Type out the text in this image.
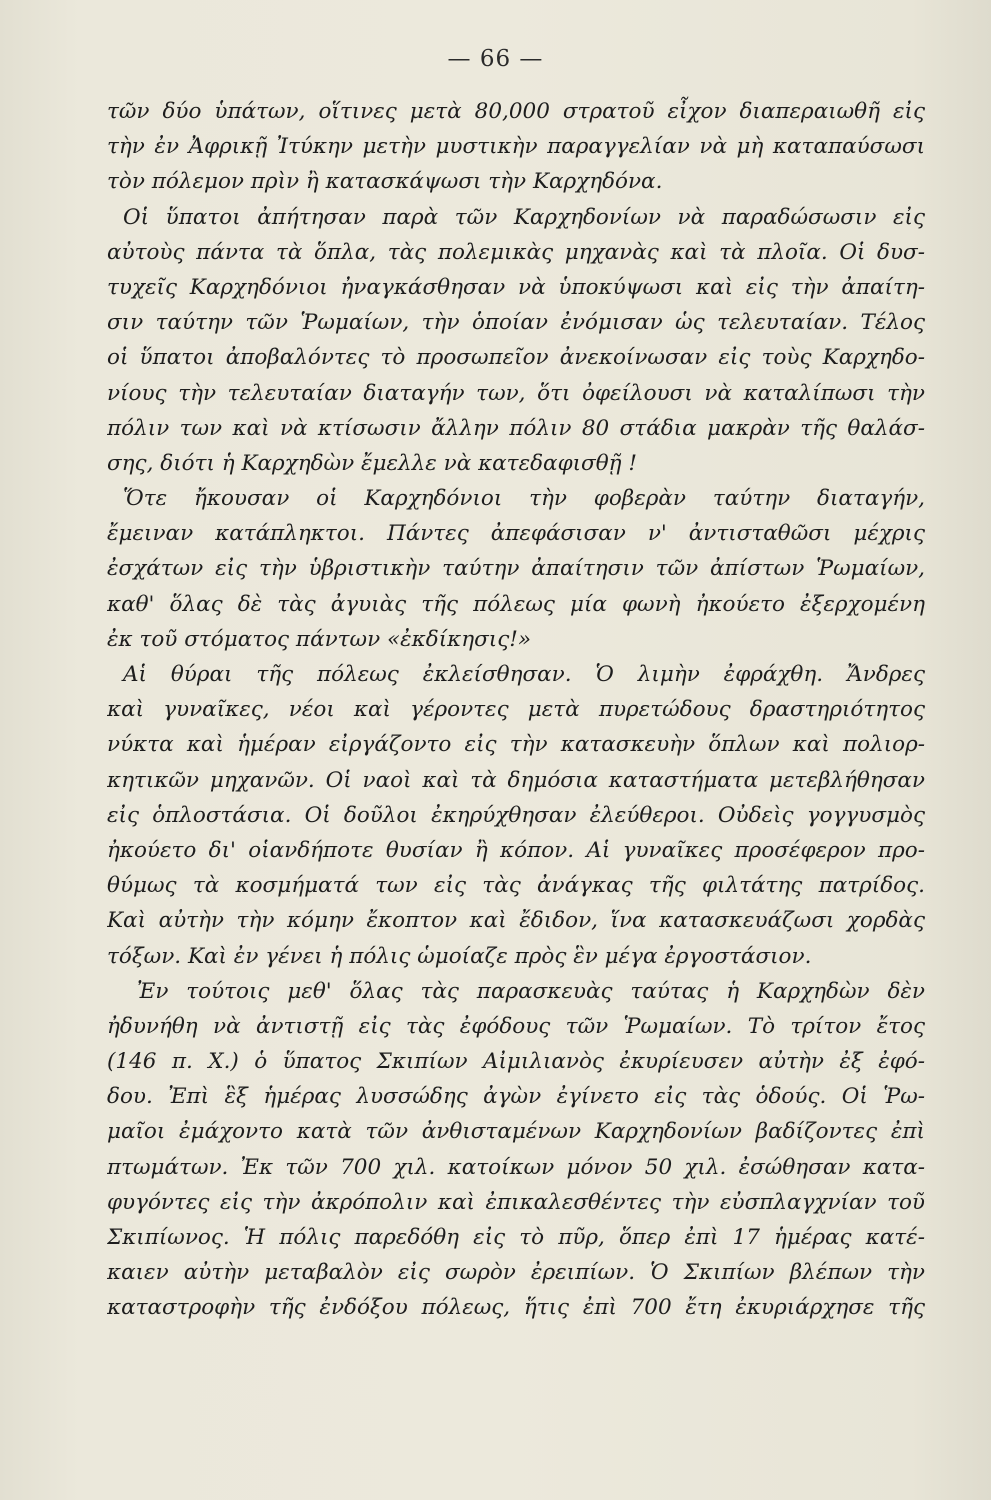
— 66 —
τῶν δύο ὑπάτων, οἵτινες μετὰ 80,000 στρατοῦ εἶχον διαπεραιωθῆ εἰς
τὴν ἐν Ἀφρικῇ Ἰτύκην μετὴν μυστικὴν παραγγελίαν νὰ μὴ καταπαύσωσι
τὸν πόλεμον πρὶν ἢ κατασκάψωσι τὴν Καρχηδόνα.
Οἱ ὕπατοι ἀπήτησαν παρὰ τῶν Καρχηδονίων νὰ παραδώσωσιν εἰς
αὐτοὺς πάντα τὰ ὅπλα, τὰς πολεμικὰς μηχανὰς καὶ τὰ πλοῖα. Οἱ δυσ-
τυχεῖς Καρχηδόνιοι ἠναγκάσθησαν νὰ ὑποκύψωσι καὶ εἰς τὴν ἀπαίτη-
σιν ταύτην τῶν Ῥωμαίων, τὴν ὁποίαν ἐνόμισαν ὡς τελευταίαν. Τέλος
οἱ ὕπατοι ἀποβαλόντες τὸ προσωπεῖον ἀνεκοίνωσαν εἰς τοὺς Καρχηδο-
νίους τὴν τελευταίαν διαταγήν των, ὅτι ὀφείλουσι νὰ καταλίπωσι τὴν
πόλιν των καὶ νὰ κτίσωσιν ἄλλην πόλιν 80 στάδια μακρὰν τῆς θαλάσ-
σης, διότι ἡ Καρχηδὼν ἔμελλε νὰ κατεδαφισθῇ !
Ὅτε ἤκουσαν οἱ Καρχηδόνιοι τὴν φοβερὰν ταύτην διαταγήν,
ἔμειναν κατάπληκτοι. Πάντες ἀπεφάσισαν ν' ἀντισταθῶσι μέχρις
ἐσχάτων εἰς τὴν ὑβριστικὴν ταύτην ἀπαίτησιν τῶν ἀπίστων Ῥωμαίων,
καθ' ὅλας δὲ τὰς ἀγυιὰς τῆς πόλεως μία φωνὴ ἠκούετο ἐξερχομένη
ἐκ τοῦ στόματος πάντων «ἐκδίκησις!»
Αἱ θύραι τῆς πόλεως ἐκλείσθησαν. Ὁ λιμὴν ἐφράχθη. Ἄνδρες
καὶ γυναῖκες, νέοι καὶ γέροντες μετὰ πυρετώδους δραστηριότητος
νύκτα καὶ ἡμέραν εἰργάζοντο εἰς τὴν κατασκευὴν ὅπλων καὶ πολιορ-
κητικῶν μηχανῶν. Οἱ ναοὶ καὶ τὰ δημόσια καταστήματα μετεβλήθησαν
εἰς ὁπλοστάσια. Οἱ δοῦλοι ἐκηρύχθησαν ἐλεύθεροι. Οὐδεὶς γογγυσμὸς
ἠκούετο δι' οἱανδήποτε θυσίαν ἢ κόπον. Αἱ γυναῖκες προσέφερον προ-
θύμως τὰ κοσμήματά των εἰς τὰς ἀνάγκας τῆς φιλτάτης πατρίδος.
Καὶ αὐτὴν τὴν κόμην ἔκοπτον καὶ ἔδιδον, ἵνα κατασκευάζωσι χορδὰς
τόξων. Καὶ ἐν γένει ἡ πόλις ὡμοίαζε πρὸς ἓν μέγα ἐργοστάσιον.
Ἐν τούτοις μεθ' ὅλας τὰς παρασκευὰς ταύτας ἡ Καρχηδὼν δὲν
ἠδυνήθη νὰ ἀντιστῇ εἰς τὰς ἐφόδους τῶν Ῥωμαίων. Τὸ τρίτον ἔτος
(146 π. Χ.) ὁ ὕπατος Σκιπίων Αἰμιλιανὸς ἐκυρίευσεν αὐτὴν ἐξ ἐφό-
δου. Ἐπὶ ἓξ ἡμέρας λυσσώδης ἀγὼν ἐγίνετο εἰς τὰς ὁδούς. Οἱ Ῥω-
μαῖοι ἐμάχοντο κατὰ τῶν ἀνθισταμένων Καρχηδονίων βαδίζοντες ἐπὶ
πτωμάτων. Ἐκ τῶν 700 χιλ. κατοίκων μόνον 50 χιλ. ἐσώθησαν κατα-
φυγόντες εἰς τὴν ἀκρόπολιν καὶ ἐπικαλεσθέντες τὴν εὐσπλαγχνίαν τοῦ
Σκιπίωνος. Ἡ πόλις παρεδόθη εἰς τὸ πῦρ, ὅπερ ἐπὶ 17 ἡμέρας κατέ-
καιεν αὐτὴν μεταβαλὸν εἰς σωρὸν ἐρειπίων. Ὁ Σκιπίων βλέπων τὴν
καταστροφὴν τῆς ἐνδόξου πόλεως, ἥτις ἐπὶ 700 ἔτη ἐκυριάρχησε τῆς
